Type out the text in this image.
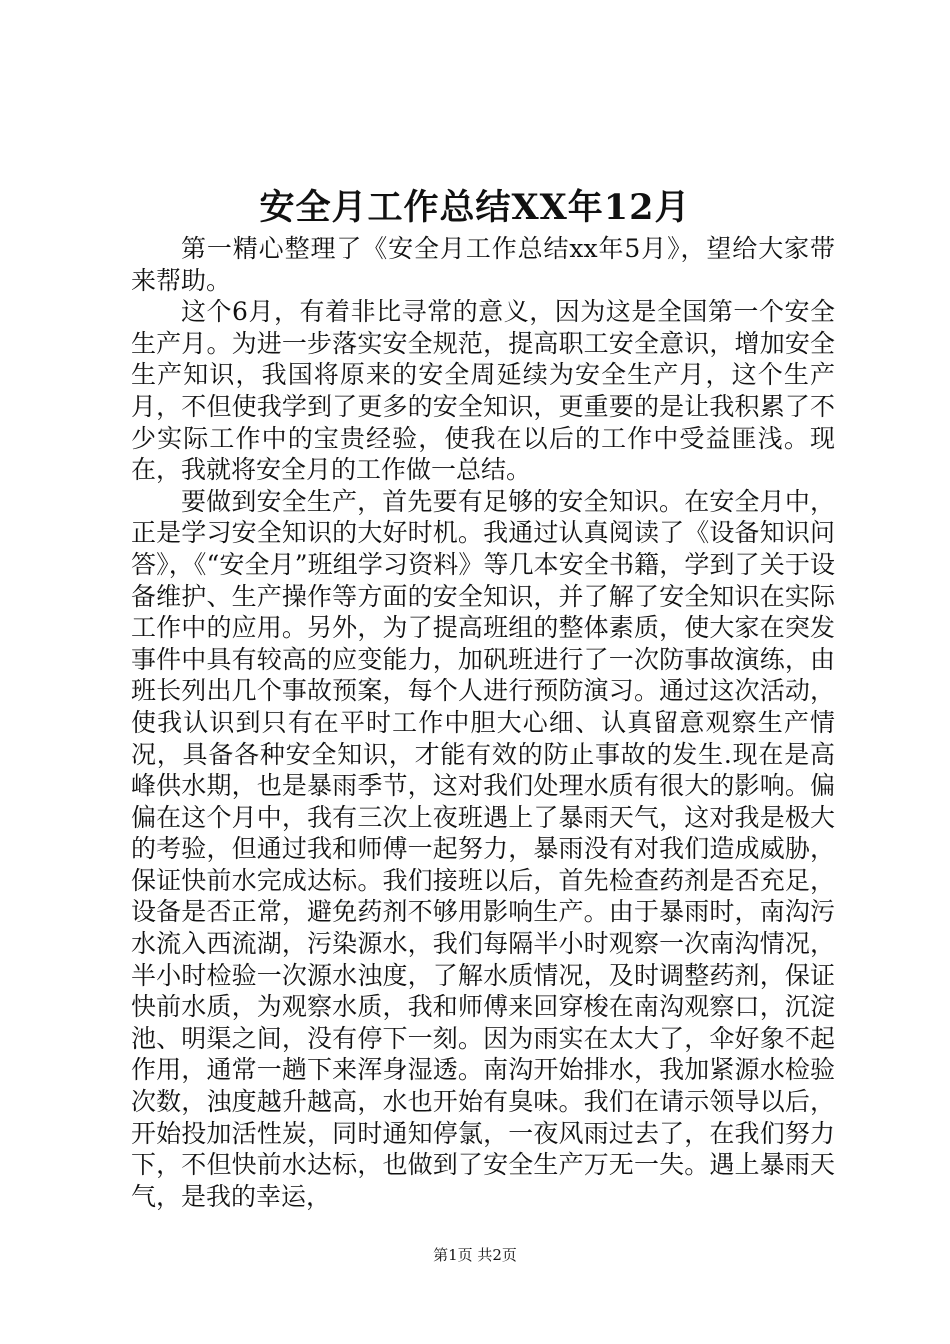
安全月工作总结XX年12月

第一精心整理了《安全月工作总结xx年5月》，望给大家带来帮助。

这个6月，有着非比寻常的意义，因为这是全国第一个安全生产月。为进一步落实安全规范，提高职工安全意识，增加安全生产知识，我国将原来的安全周延续为安全生产月，这个生产月，不但使我学到了更多的安全知识，更重要的是让我积累了不少实际工作中的宝贵经验，使我在以后的工作中受益匪浅。现在，我就将安全月的工作做一总结。

要做到安全生产，首先要有足够的安全知识。在安全月中，正是学习安全知识的大好时机。我通过认真阅读了《设备知识问答》，《“安全月”班组学习资料》等几本安全书籍，学到了关于设备维护、生产操作等方面的安全知识，并了解了安全知识在实际工作中的应用。另外，为了提高班组的整体素质，使大家在突发事件中具有较高的应变能力，加矾班进行了一次防事故演练，由班长列出几个事故预案，每个人进行预防演习。通过这次活动，使我认识到只有在平时工作中胆大心细、认真留意观察生产情况，具备各种安全知识，才能有效的防止事故的发生.现在是高峰供水期，也是暴雨季节，这对我们处理水质有很大的影响。偏偏在这个月中，我有三次上夜班遇上了暴雨天气，这对我是极大的考验，但通过我和师傅一起努力，暴雨没有对我们造成威胁，保证快前水完成达标。我们接班以后，首先检查药剂是否充足，设备是否正常，避免药剂不够用影响生产。由于暴雨时，南沟污水流入西流湖，污染源水，我们每隔半小时观察一次南沟情况，半小时检验一次源水浊度，了解水质情况，及时调整药剂，保证快前水质，为观察水质，我和师傅来回穿梭在南沟观察口，沉淀池、明渠之间，没有停下一刻。因为雨实在太大了，伞好象不起作用，通常一趟下来浑身湿透。南沟开始排水，我加紧源水检验次数，浊度越升越高，水也开始有臭味。我们在请示领导以后，开始投加活性炭，同时通知停氯，一夜风雨过去了，在我们努力下，不但快前水达标，也做到了安全生产万无一失。遇上暴雨天气，是我的幸运，

第1页 共2页
